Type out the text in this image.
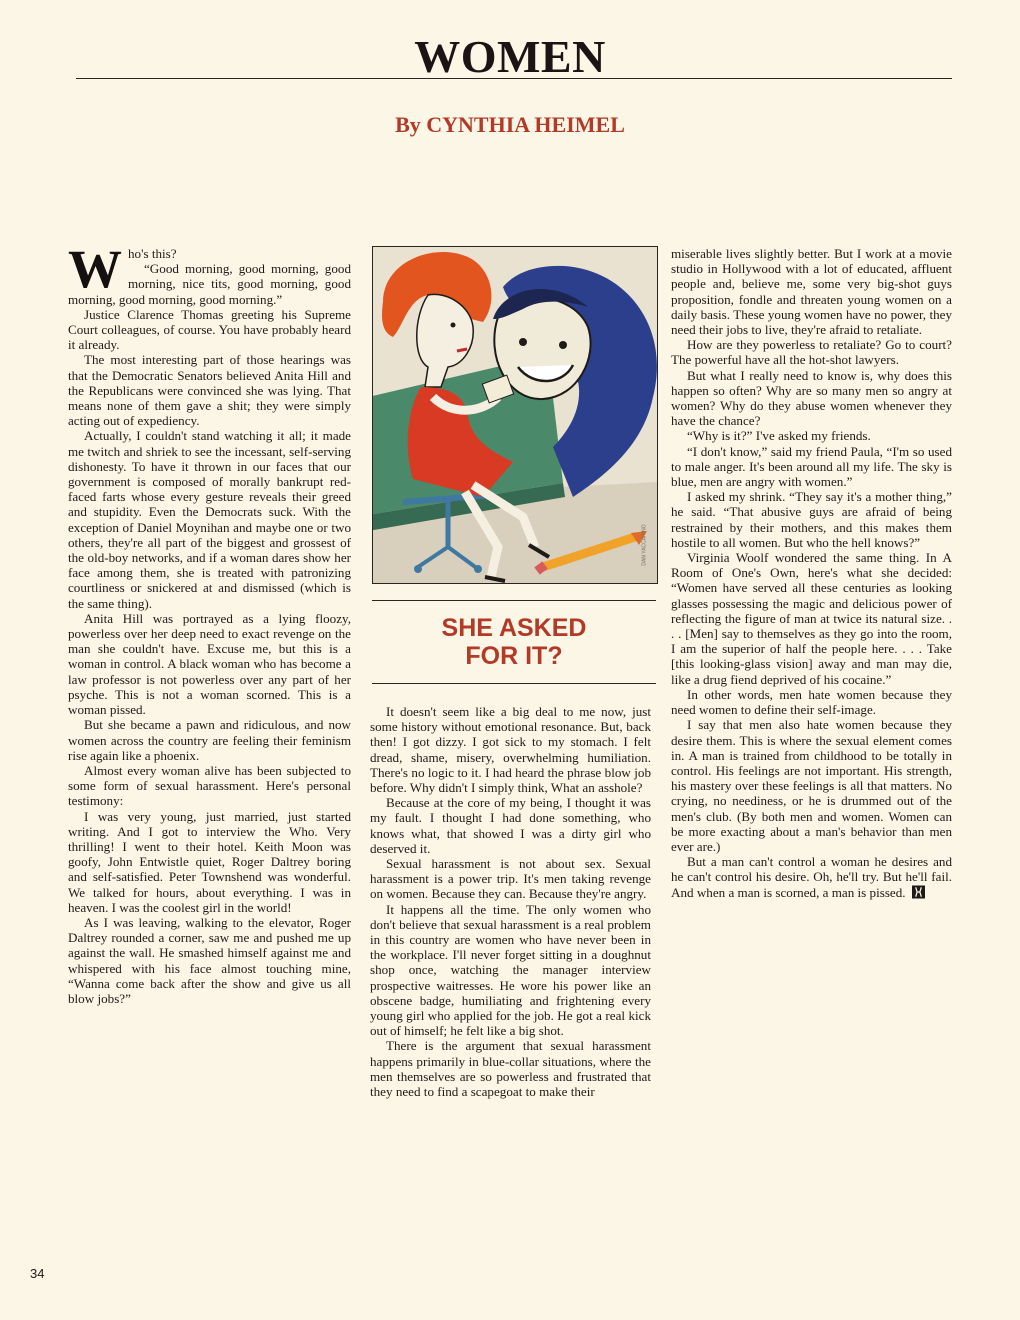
WOMEN
By CYNTHIA HEIMEL

Who's this?

“Good morning, good morning, good morning, nice tits, good morning, good morning, good morning, good morning.”

Justice Clarence Thomas greeting his Supreme Court colleagues, of course. You have probably heard it already.

The most interesting part of those hearings was that the Democratic Senators believed Anita Hill and the Republicans were convinced she was lying. That means none of them gave a shit; they were simply acting out of expediency.

Actually, I couldn't stand watching it all; it made me twitch and shriek to see the incessant, self-serving dishonesty. To have it thrown in our faces that our government is composed of morally bankrupt red-faced farts whose every gesture reveals their greed and stupidity. Even the Democrats suck. With the exception of Daniel Moynihan and maybe one or two others, they're all part of the biggest and grossest of the old-boy networks, and if a woman dares show her face among them, she is treated with patronizing courtliness or snickered at and dismissed (which is the same thing).

Anita Hill was portrayed as a lying floozy, powerless over her deep need to exact revenge on the man she couldn't have. Excuse me, but this is a woman in control. A black woman who has become a law professor is not powerless over any part of her psyche. This is not a woman scorned. This is a woman pissed.

But she became a pawn and ridiculous, and now women across the country are feeling their feminism rise again like a phoenix.

Almost every woman alive has been subjected to some form of sexual harassment. Here's personal testimony:

I was very young, just married, just started writing. And I got to interview the Who. Very thrilling! I went to their hotel. Keith Moon was goofy, John Entwistle quiet, Roger Daltrey boring and self-satisfied. Peter Townshend was wonderful. We talked for hours, about everything. I was in heaven. I was the coolest girl in the world!

As I was leaving, walking to the elevator, Roger Daltrey rounded a corner, saw me and pushed me up against the wall. He smashed himself against me and whispered with his face almost touching mine, “Wanna come back after the show and give us all blow jobs?”

DAN YACCARINO
SHE ASKED
FOR IT?

It doesn't seem like a big deal to me now, just some history without emotional resonance. But, back then! I got dizzy. I got sick to my stomach. I felt dread, shame, misery, overwhelming humiliation. There's no logic to it. I had heard the phrase blow job before. Why didn't I simply think, What an asshole?

Because at the core of my being, I thought it was my fault. I thought I had done something, who knows what, that showed I was a dirty girl who deserved it.

Sexual harassment is not about sex. Sexual harassment is a power trip. It's men taking revenge on women. Because they can. Because they're angry.

It happens all the time. The only women who don't believe that sexual harassment is a real problem in this country are women who have never been in the workplace. I'll never forget sitting in a doughnut shop once, watching the manager interview prospective waitresses. He wore his power like an obscene badge, humiliating and frightening every young girl who applied for the job. He got a real kick out of himself; he felt like a big shot.

There is the argument that sexual harassment happens primarily in blue-collar situations, where the men themselves are so powerless and frustrated that they need to find a scapegoat to make their

miserable lives slightly better. But I work at a movie studio in Hollywood with a lot of educated, affluent people and, believe me, some very big-shot guys proposition, fondle and threaten young women on a daily basis. These young women have no power, they need their jobs to live, they're afraid to retaliate.

How are they powerless to retaliate? Go to court? The powerful have all the hot-shot lawyers.

But what I really need to know is, why does this happen so often? Why are so many men so angry at women? Why do they abuse women whenever they have the chance?

“Why is it?” I've asked my friends.

“I don't know,” said my friend Paula, “I'm so used to male anger. It's been around all my life. The sky is blue, men are angry with women.”

I asked my shrink. “They say it's a mother thing,” he said. “That abusive guys are afraid of being restrained by their mothers, and this makes them hostile to all women. But who the hell knows?”

Virginia Woolf wondered the same thing. In A Room of One's Own, here's what she decided: “Women have served all these centuries as looking glasses possessing the magic and delicious power of reflecting the figure of man at twice its natural size. . . . [Men] say to themselves as they go into the room, I am the superior of half the people here. . . . Take [this looking-glass vision] away and man may die, like a drug fiend deprived of his cocaine.”

In other words, men hate women because they need women to define their self-image.

I say that men also hate women because they desire them. This is where the sexual element comes in. A man is trained from childhood to be totally in control. His feelings are not important. His strength, his mastery over these feelings is all that matters. No crying, no neediness, or he is drummed out of the men's club. (By both men and women. Women can be more exacting about a man's behavior than men ever are.)

But a man can't control a woman he desires and he can't control his desire. Oh, he'll try. But he'll fail. And when a man is scorned, a man is pissed.

34
